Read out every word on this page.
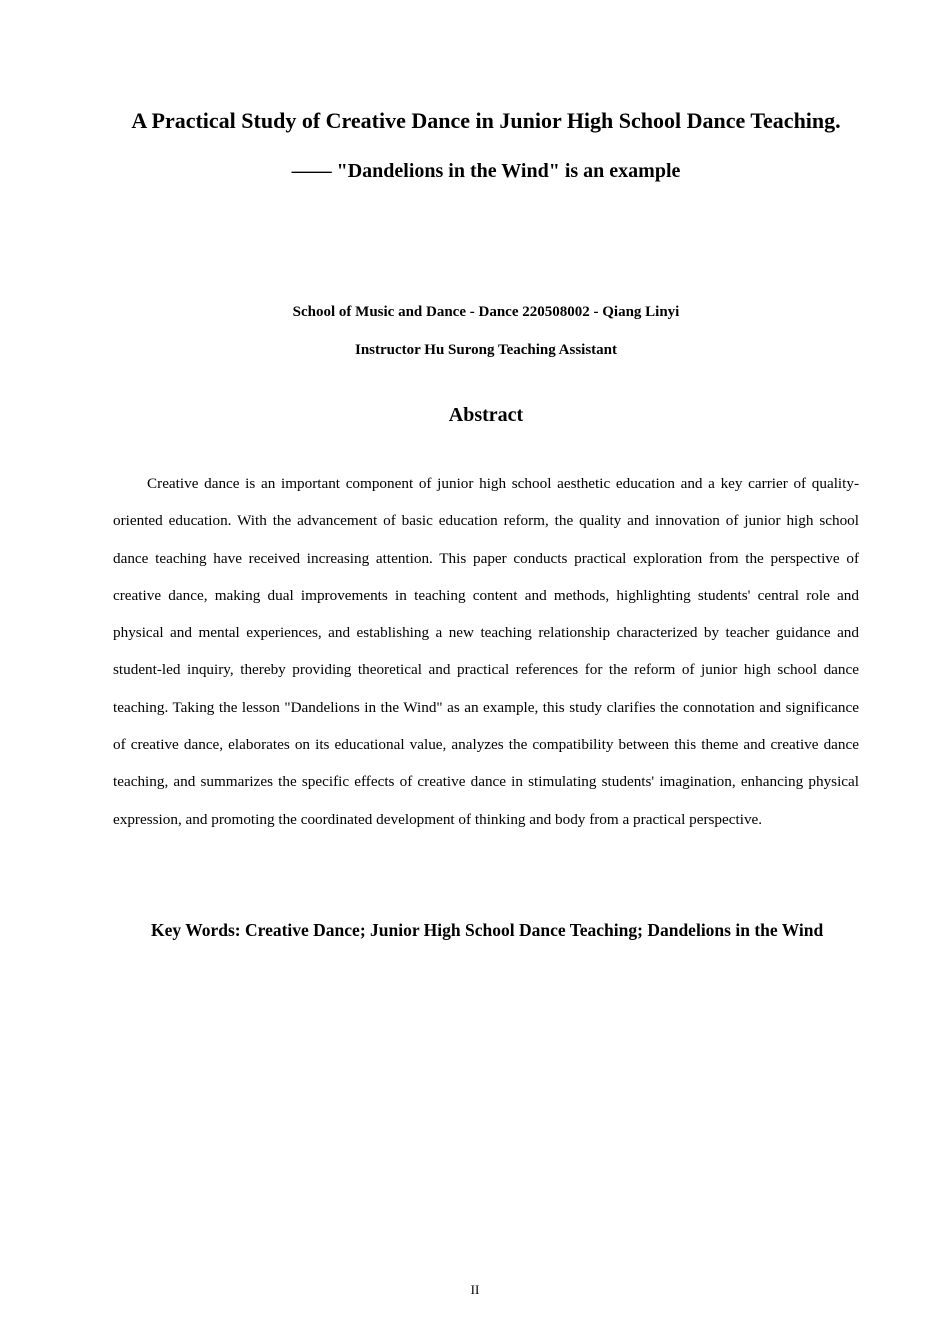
A Practical Study of Creative Dance in Junior High School Dance Teaching.

—— "Dandelions in the Wind" is an example

School of Music and Dance - Dance 220508002 - Qiang Linyi

Instructor Hu Surong Teaching Assistant

Abstract

Creative dance is an important component of junior high school aesthetic education and a key carrier of quality-oriented education. With the advancement of basic education reform, the quality and innovation of junior high school dance teaching have received increasing attention. This paper conducts practical exploration from the perspective of creative dance, making dual improvements in teaching content and methods, highlighting students' central role and physical and mental experiences, and establishing a new teaching relationship characterized by teacher guidance and student-led inquiry, thereby providing theoretical and practical references for the reform of junior high school dance teaching. Taking the lesson "Dandelions in the Wind" as an example, this study clarifies the connotation and significance of creative dance, elaborates on its educational value, analyzes the compatibility between this theme and creative dance teaching, and summarizes the specific effects of creative dance in stimulating students' imagination, enhancing physical expression, and promoting the coordinated development of thinking and body from a practical perspective.

Key Words: Creative Dance; Junior High School Dance Teaching; Dandelions in the Wind

II
